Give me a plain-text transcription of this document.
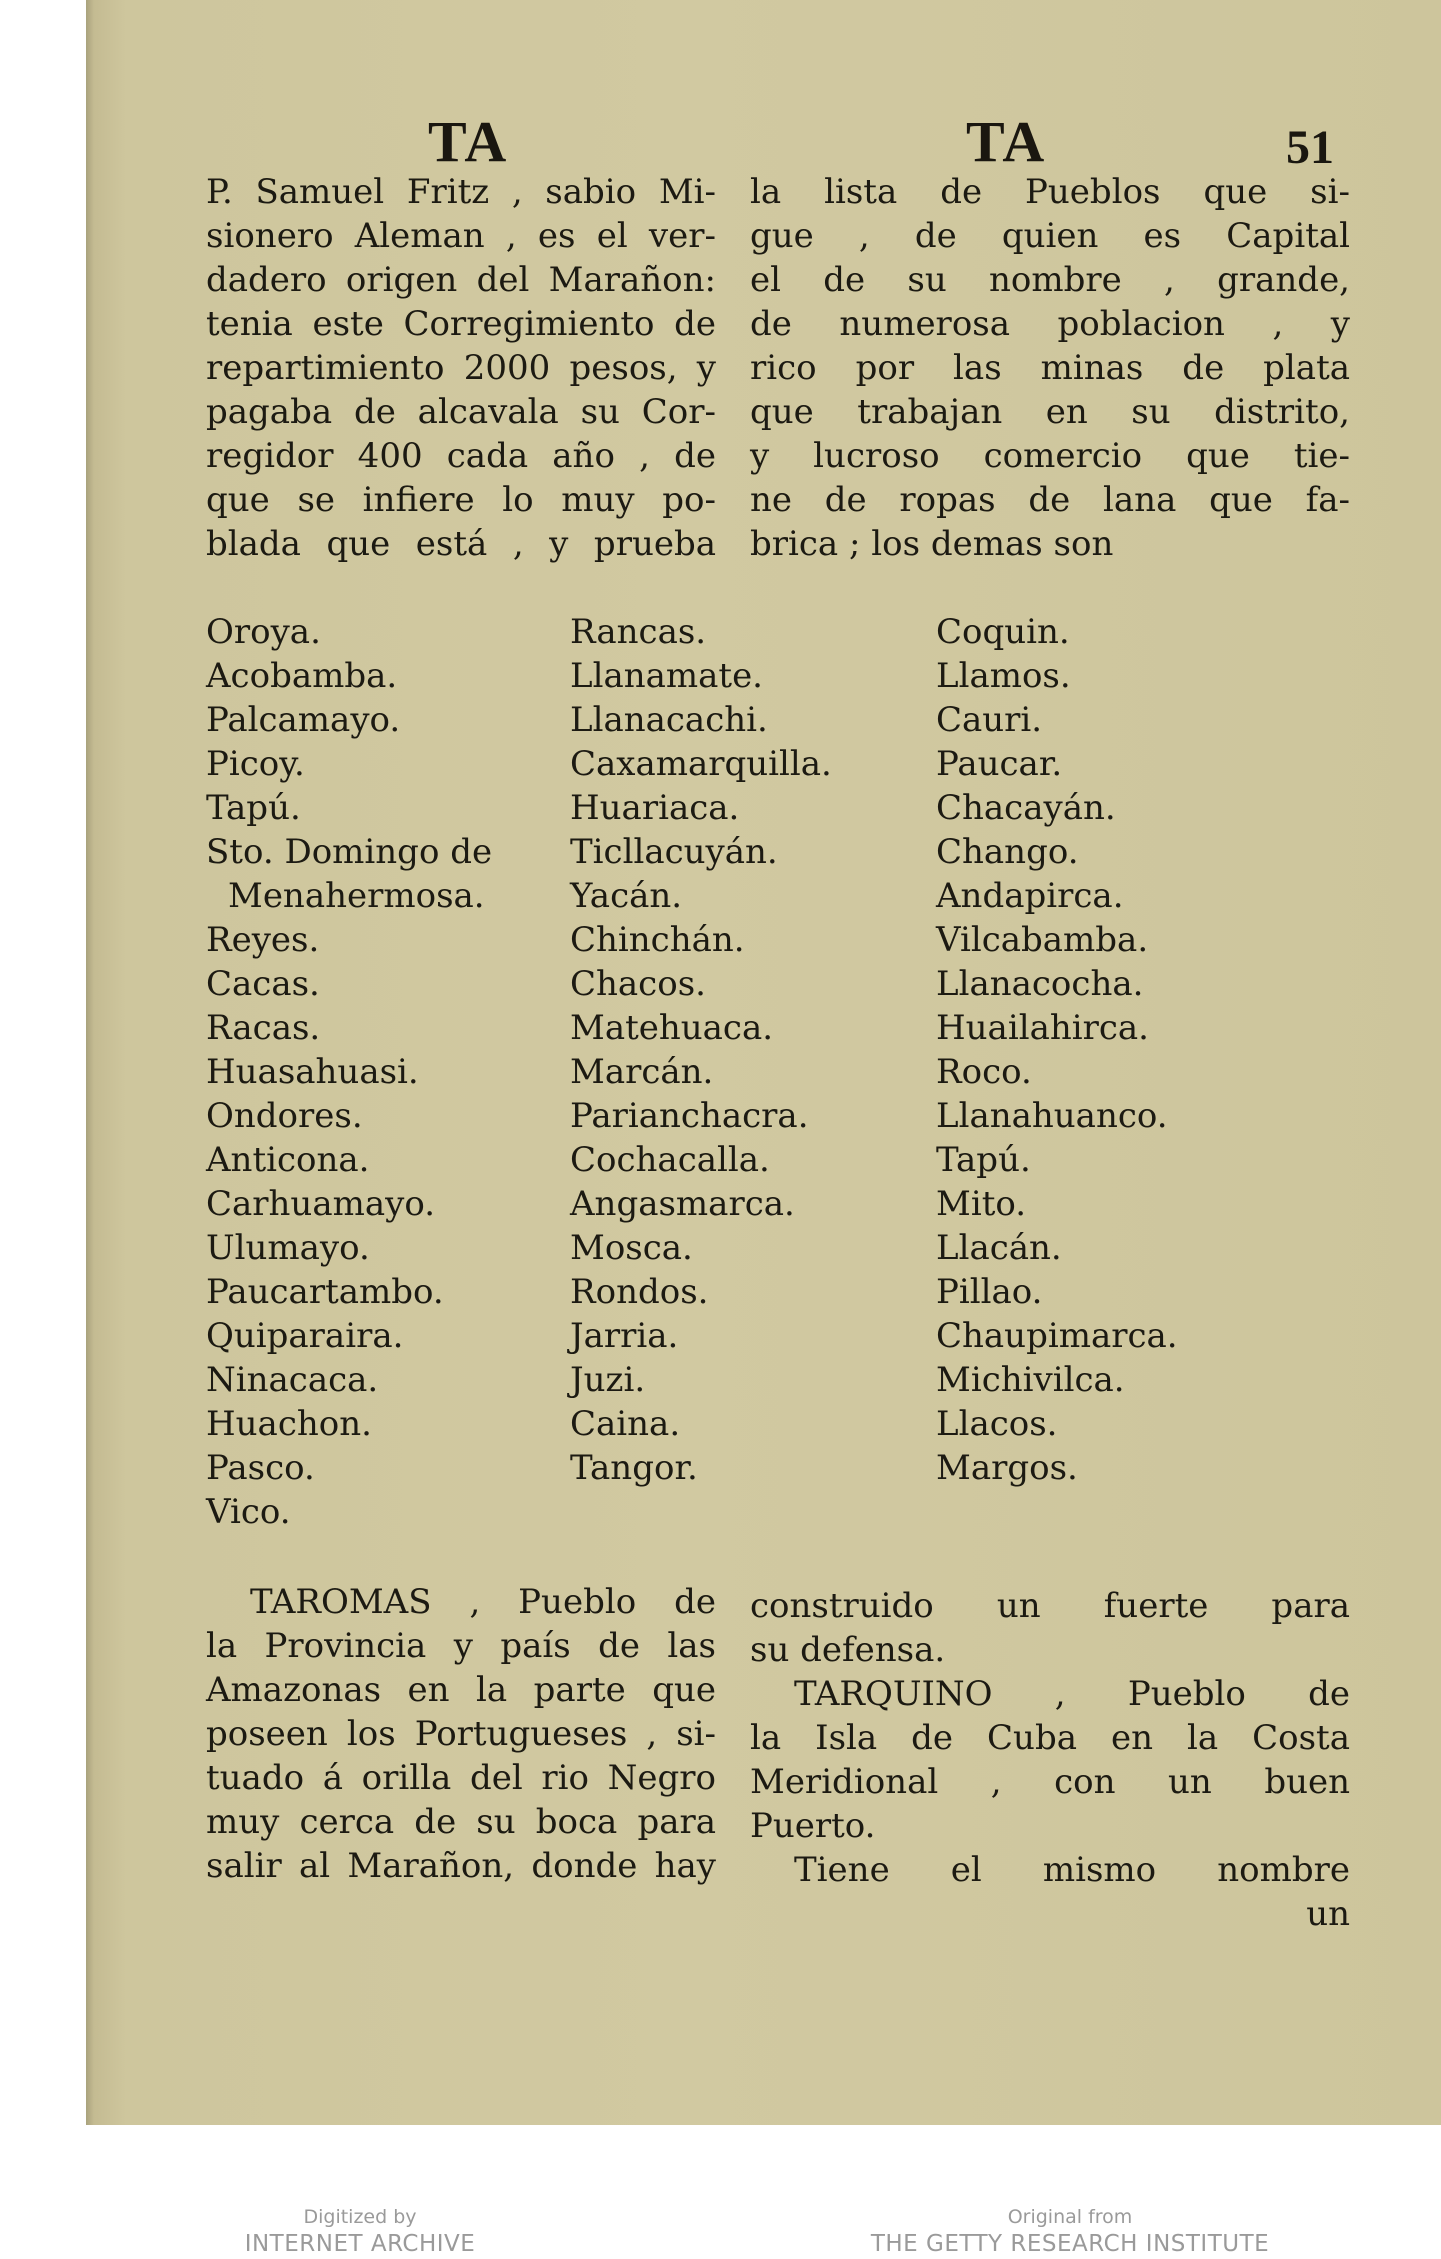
TA	TA	51
P. Samuel Fritz , sabio Mi-
sionero Aleman , es el ver-
dadero origen del Marañon:
tenia este Corregimiento de
repartimiento 2000 pesos, y
pagaba de alcavala su Cor-
regidor 400 cada año , de
que se infiere lo muy po-
blada que está , y prueba
la lista de Pueblos que si-
gue , de quien es Capital
el de su nombre , grande,
de numerosa poblacion , y
rico por las minas de plata
que trabajan en su distrito,
y lucroso comercio que tie-
ne de ropas de lana que fa-
brica ; los demas son
Oroya.
Acobamba.
Palcamayo.
Picoy.
Tapú.
Sto. Domingo de
Menahermosa.
Reyes.
Cacas.
Racas.
Huasahuasi.
Ondores.
Anticona.
Carhuamayo.
Ulumayo.
Paucartambo.
Quiparaira.
Ninacaca.
Huachon.
Pasco.
Vico.
Rancas.
Llanamate.
Llanacachi.
Caxamarquilla.
Huariaca.
Ticllacuyán.
Yacán.
Chinchán.
Chacos.
Matehuaca.
Marcán.
Parianchacra.
Cochacalla.
Angasmarca.
Mosca.
Rondos.
Jarria.
Juzi.
Caina.
Tangor.
Coquin.
Llamos.
Cauri.
Paucar.
Chacayán.
Chango.
Andapirca.
Vilcabamba.
Llanacocha.
Huailahirca.
Roco.
Llanahuanco.
Tapú.
Mito.
Llacán.
Pillao.
Chaupimarca.
Michivilca.
Llacos.
Margos.
TAROMAS , Pueblo de
la Provincia y país de las
Amazonas en la parte que
poseen los Portugueses , si-
tuado á orilla del rio Negro
muy cerca de su boca para
salir al Marañon, donde hay
construido un fuerte para
su defensa.
TARQUINO , Pueblo de
la Isla de Cuba en la Costa
Meridional , con un buen
Puerto.
Tiene el mismo nombre
un
Digitized by
INTERNET ARCHIVE
Original from
THE GETTY RESEARCH INSTITUTE
